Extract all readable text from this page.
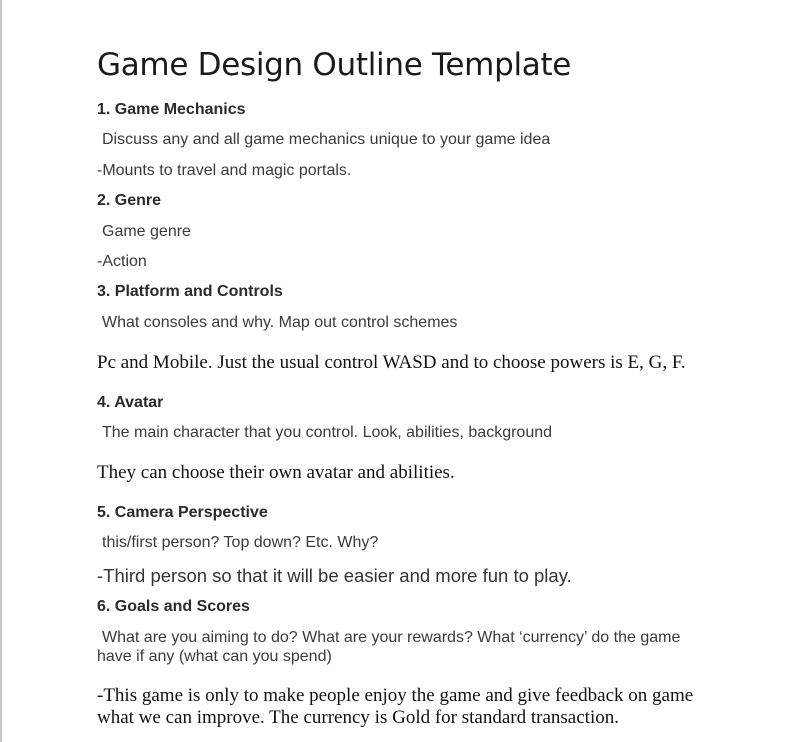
Game Design Outline Template
1. Game Mechanics
Discuss any and all game mechanics unique to your game idea
-Mounts to travel and magic portals.
2. Genre
Game genre
-Action
3. Platform and Controls
What consoles and why. Map out control schemes
Pc and Mobile. Just the usual control WASD and to choose powers is E, G, F.
4. Avatar
The main character that you control. Look, abilities, background
They can choose their own avatar and abilities.
5. Camera Perspective
this/first person? Top down? Etc. Why?
-Third person so that it will be easier and more fun to play.
6. Goals and Scores
What are you aiming to do? What are your rewards? What ‘currency’ do the game have if any (what can you spend)
-This game is only to make people enjoy the game and give feedback on game what we can improve. The currency is Gold for standard transaction.
